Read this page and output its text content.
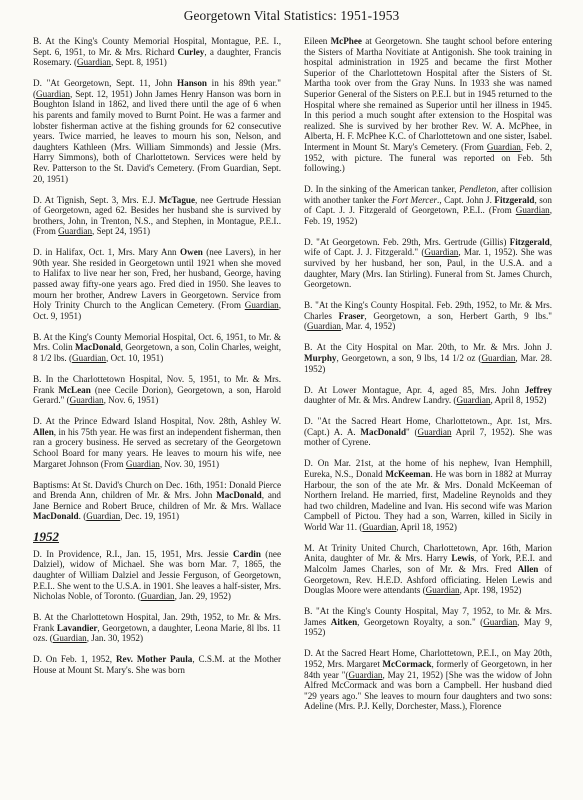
Georgetown Vital Statistics: 1951-1953
B. At the King's County Memorial Hospital, Montague, P.E. I., Sept. 6, 1951, to Mr. & Mrs. Richard Curley, a daughter, Francis Rosemary. (Guardian, Sept. 8, 1951)
D. "At Georgetown, Sept. 11, John Hanson in his 89th year." (Guardian, Sept. 12, 1951) John James Henry Hanson was born in Boughton Island in 1862, and lived there until the age of 6 when his parents and family moved to Burnt Point. He was a farmer and lobster fisherman active at the fishing grounds for 62 consecutive years. Twice married, he leaves to mourn his son, Nelson, and daughters Kathleen (Mrs. William Simmonds) and Jessie (Mrs. Harry Simmons), both of Charlottetown. Services were held by Rev. Patterson to the St. David's Cemetery. (From Guardian, Sept. 20, 1951)
D. At Tignish, Sept. 3, Mrs. E.J. McTague, nee Gertrude Hessian of Georgetown, aged 62. Besides her husband she is survived by brothers, John, in Trenton, N.S., and Stephen, in Montague, P.E.I.. (From Guardian, Sept 24, 1951)
D. in Halifax, Oct. 1, Mrs. Mary Ann Owen (nee Lavers), in her 90th year. She resided in Georgetown until 1921 when she moved to Halifax to live near her son, Fred, her husband, George, having passed away fifty-one years ago. Fred died in 1950. She leaves to mourn her brother, Andrew Lavers in Georgetown. Service from Holy Trinity Church to the Anglican Cemetery. (From Guardian, Oct. 9, 1951)
B. At the King's County Memorial Hospital, Oct. 6, 1951, to Mr. & Mrs. Colin MacDonald, Georgetown, a son, Colin Charles, weight, 8 1/2 lbs. (Guardian, Oct. 10, 1951)
B. In the Charlottetown Hospital, Nov. 5, 1951, to Mr. & Mrs. Frank McLean (nee Cecile Dorion), Georgetown, a son, Harold Gerard." (Guardian, Nov. 6, 1951)
D. At the Prince Edward Island Hospital, Nov. 28th, Ashley W. Allen, in his 75th year. He was first an independent fisherman, then ran a grocery business. He served as secretary of the Georgetown School Board for many years. He leaves to mourn his wife, nee Margaret Johnson (From Guardian, Nov. 30, 1951)
Baptisms: At St. David's Church on Dec. 16th, 1951: Donald Pierce and Brenda Ann, children of Mr. & Mrs. John MacDonald, and Jane Bernice and Robert Bruce, children of Mr. & Mrs. Wallace MacDonald. (Guardian, Dec. 19, 1951)
1952
D. In Providence, R.I., Jan. 15, 1951, Mrs. Jessie Cardin (nee Dalziel), widow of Michael. She was born Mar. 7, 1865, the daughter of William Dalziel and Jessie Ferguson, of Georgetown, P.E.I.. She went to the U.S.A. in 1901. She leaves a half-sister, Mrs. Nicholas Noble, of Toronto. (Guardian, Jan. 29, 1952)
B. At the Charlottetown Hospital, Jan. 29th, 1952, to Mr. & Mrs. Frank Lavandier, Georgetown, a daughter, Leona Marie, 8l lbs. 11 ozs. (Guardian, Jan. 30, 1952)
D. On Feb. 1, 1952, Rev. Mother Paula, C.S.M. at the Mother House at Mount St. Mary's. She was born
Eileen McPhee at Georgetown. She taught school before entering the Sisters of Martha Novitiate at Antigonish. She took training in hospital administration in 1925 and became the first Mother Superior of the Charlottetown Hospital after the Sisters of St. Martha took over from the Gray Nuns. In 1933 she was named Superior General of the Sisters on P.E.I. but in 1945 returned to the Hospital where she remained as Superior until her illness in 1945. In this period a much sought after extension to the Hospital was realized. She is survived by her brother Rev. W. A. McPhee, in Alberta, H. F. McPhee K.C. of Charlottetown and one sister, Isabel. Interment in Mount St. Mary's Cemetery. (From Guardian, Feb. 2, 1952, with picture. The funeral was reported on Feb. 5th following.)
D. In the sinking of the American tanker, Pendleton, after collision with another tanker the Fort Mercer., Capt. John J. Fitzgerald, son of Capt. J. J. Fitzgerald of Georgetown, P.E.I.. (From Guardian, Feb. 19, 1952)
D. "At Georgetown. Feb. 29th, Mrs. Gertrude (Gillis) Fitzgerald, wife of Capt. J. J. Fitzgerald." (Guardian, Mar. 1, 1952). She was survived by her husband, her son, Paul, in the U.S.A. and a daughter, Mary (Mrs. Ian Stirling). Funeral from St. James Church, Georgetown.
B. "At the King's County Hospital. Feb. 29th, 1952, to Mr. & Mrs. Charles Fraser, Georgetown, a son, Herbert Garth, 9 lbs." (Guardian, Mar. 4, 1952)
B. At the City Hospital on Mar. 20th, to Mr. & Mrs. John J. Murphy, Georgetown, a son, 9 lbs, 14 1/2 oz (Guardian, Mar. 28. 1952)
D. At Lower Montague, Apr. 4, aged 85, Mrs. John Jeffrey daughter of Mr. & Mrs. Andrew Landry. (Guardian, April 8, 1952)
D. "At the Sacred Heart Home, Charlottetown., Apr. 1st, Mrs. (Capt.) A. A. MacDonald" (Guardian April 7, 1952). She was mother of Cyrene.
D. On Mar. 21st, at the home of his nephew, Ivan Hemphill, Eureka, N.S., Donald McKeeman. He was born in 1882 at Murray Harbour, the son of the ate Mr. & Mrs. Donald McKeeman of Northern Ireland. He married, first, Madeline Reynolds and they had two children, Madeline and Ivan. His second wife was Marion Campbell of Pictou. They had a son, Warren, killed in Sicily in World War 11. (Guardian, April 18, 1952)
M. At Trinity United Church, Charlottetown, Apr. 16th, Marion Anita, daughter of Mr. & Mrs. Harry Lewis, of York, P.E.I. and Malcolm James Charles, son of Mr. & Mrs. Fred Allen of Georgetown, Rev. H.E.D. Ashford officiating. Helen Lewis and Douglas Moore were attendants (Guardian, Apr. 198, 1952)
B. "At the King's County Hospital, May 7, 1952, to Mr. & Mrs. James Aitken, Georgetown Royalty, a son." (Guardian, May 9, 1952)
D. At the Sacred Heart Home, Charlottetown, P.E.I., on May 20th, 1952, Mrs. Margaret McCormack, formerly of Georgetown, in her 84th year "(Guardian, May 21, 1952) [She was the widow of John Alfred McCormack and was born a Campbell. Her husband died "29 years ago." She leaves to mourn four daughters and two sons: Adeline (Mrs. P.J. Kelly, Dorchester, Mass.), Florence
